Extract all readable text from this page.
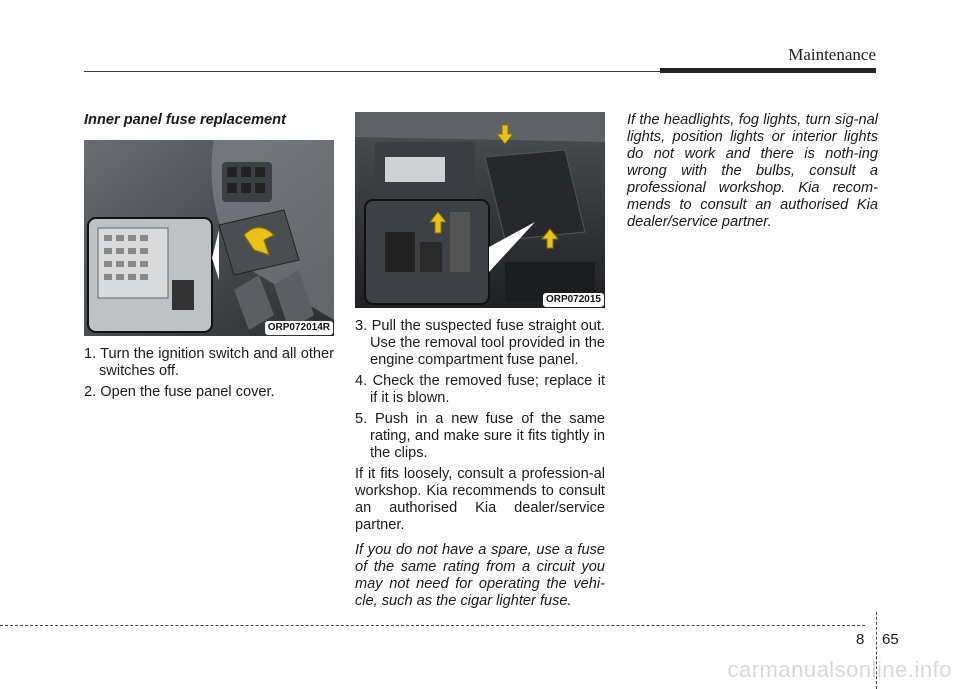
Maintenance
Inner panel fuse replacement
ORP072014R
1. Turn the ignition switch and all other switches off.
2. Open the fuse panel cover.
ORP072015
3. Pull the suspected fuse straight out. Use the removal tool provided in the engine compartment fuse panel.
4. Check the removed fuse; replace it if it is blown.
5. Push in a new fuse of the same rating, and make sure it fits tightly in the clips.

If it fits loosely, consult a profession-al workshop. Kia recommends to consult an authorised Kia dealer/service partner.

If you do not have a spare, use a fuse of the same rating from a circuit you may not need for operating the vehi-cle, such as the cigar lighter fuse.

If the headlights, fog lights, turn sig-nal lights, position lights or interior lights do not work and there is noth-ing wrong with the bulbs, consult a professional workshop. Kia recom-mends to consult an authorised Kia dealer/service partner.

8 65
carmanualsonline.info
